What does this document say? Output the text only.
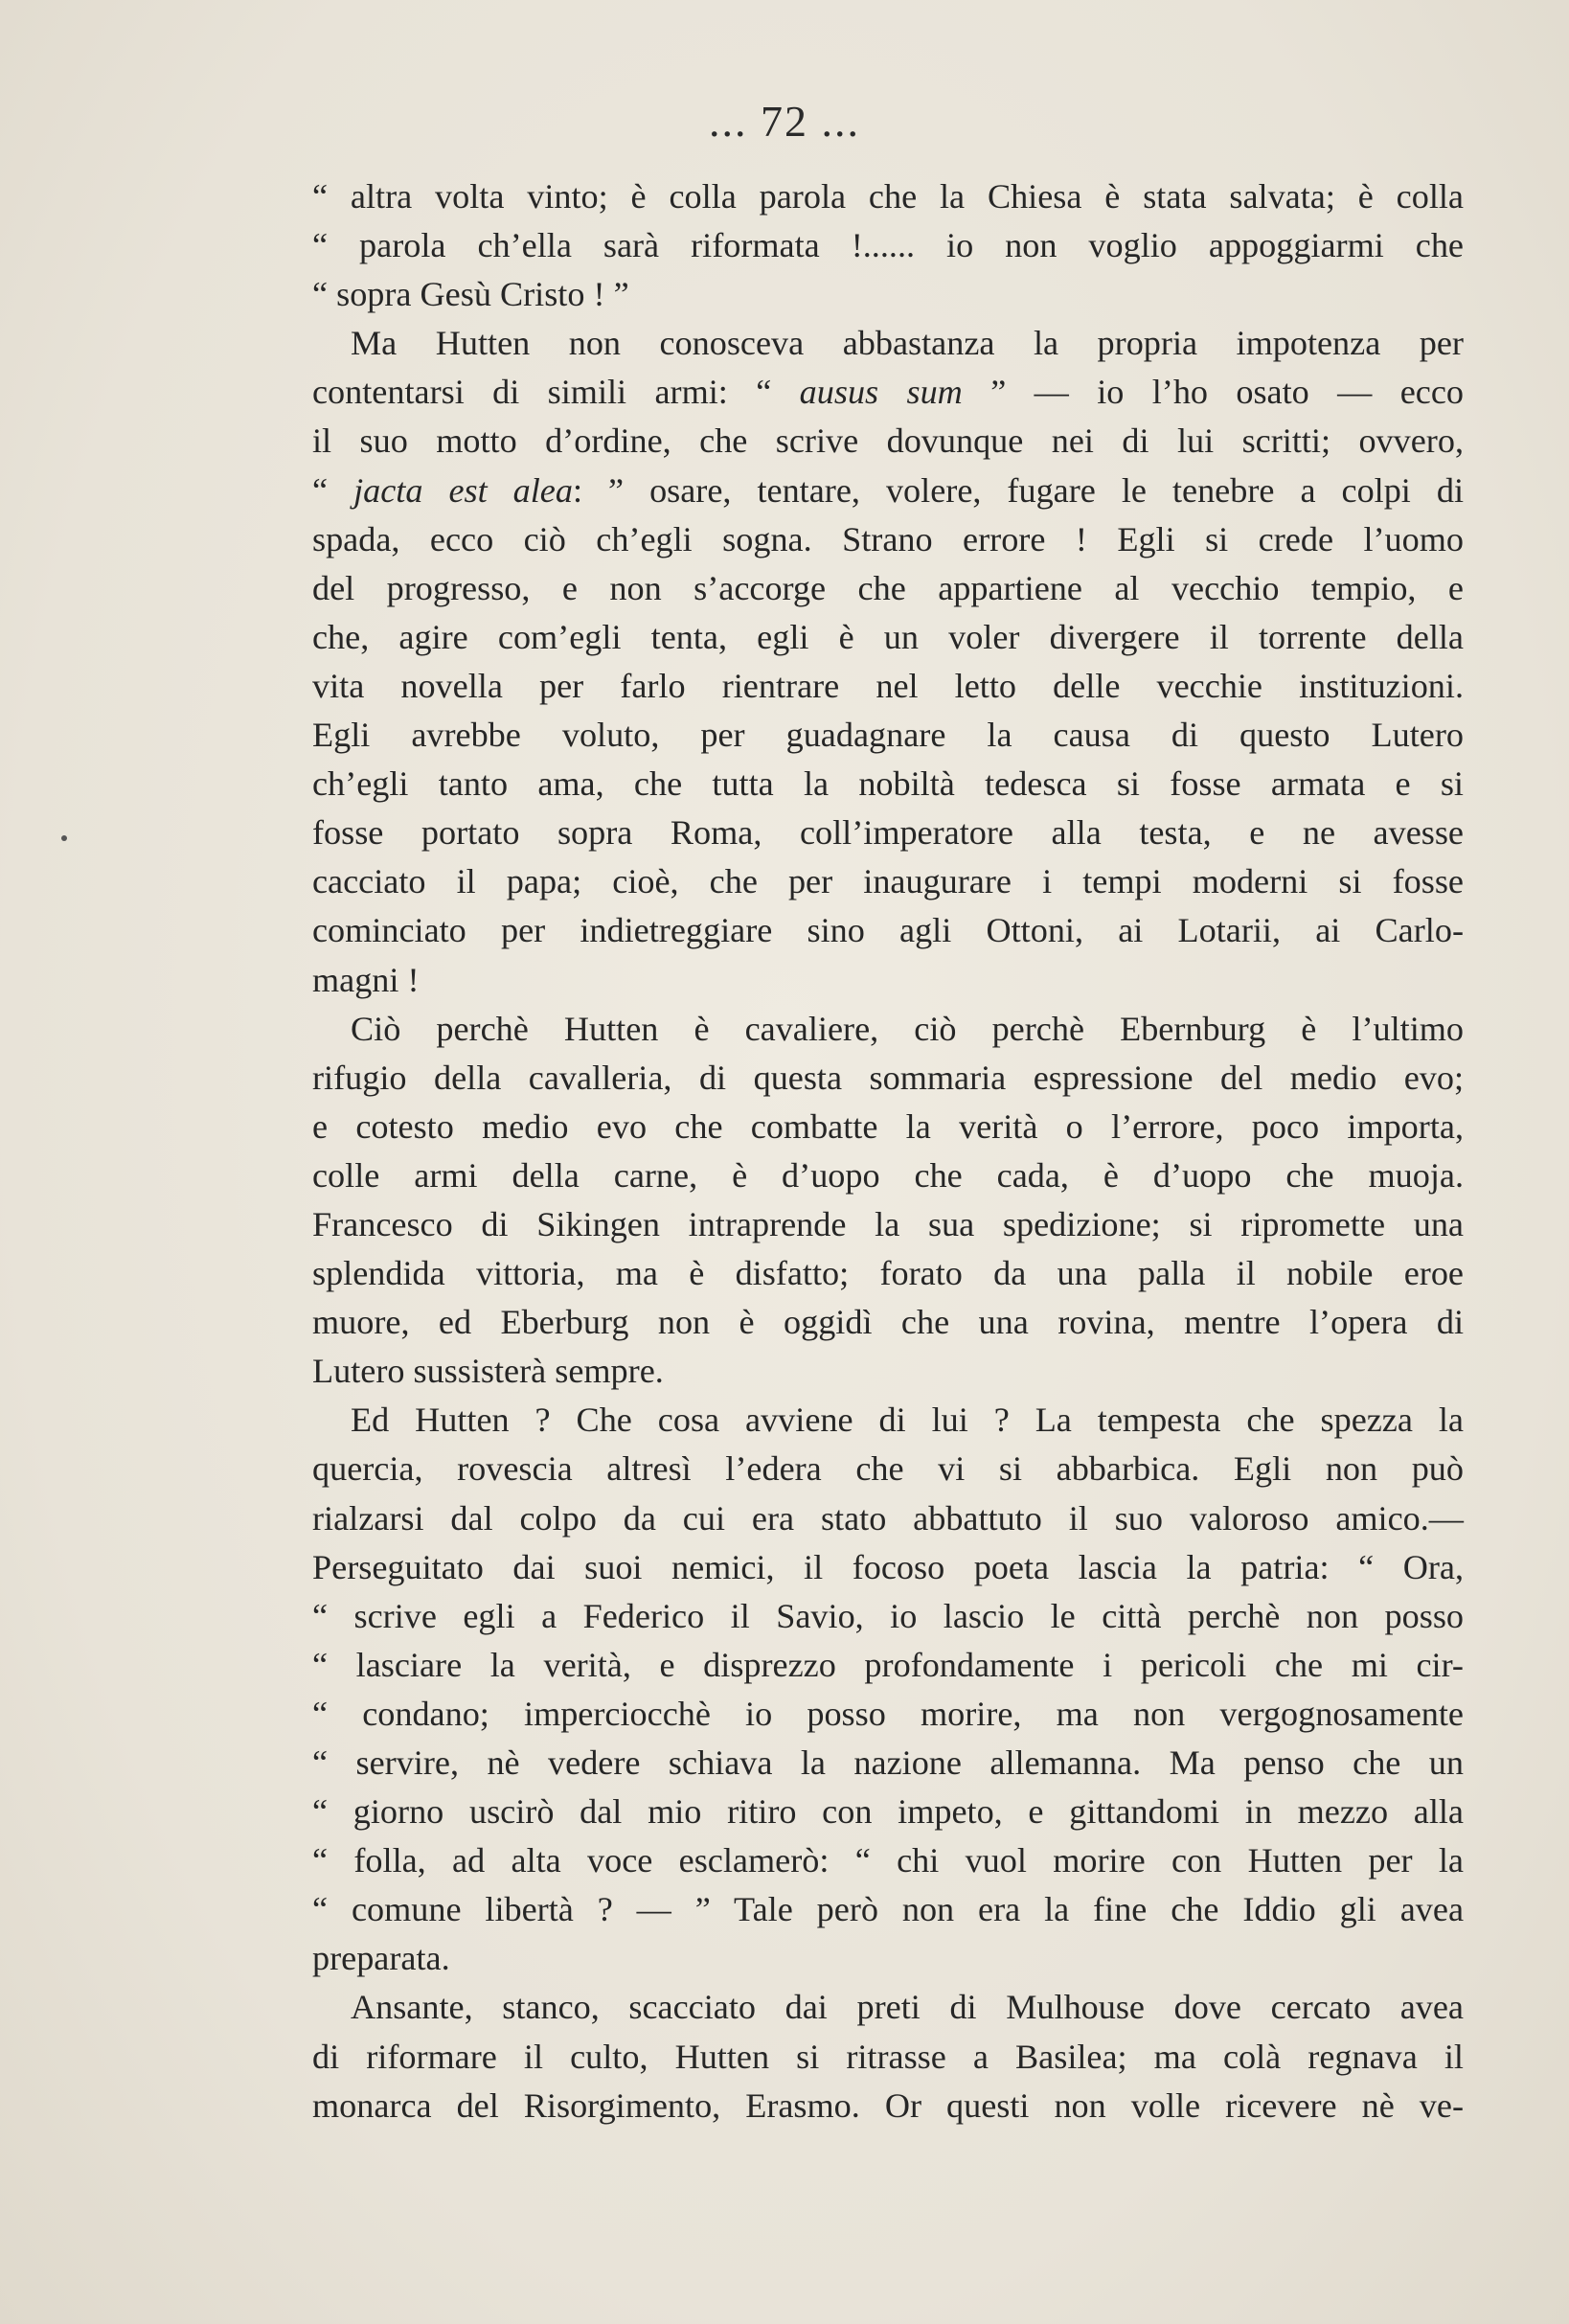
... 72 ...
“ altra volta vinto; è colla parola che la Chiesa è stata salvata; è colla
“ parola ch’ella sarà riformata !...... io non voglio appoggiarmi che
“ sopra Gesù Cristo ! ”
Ma Hutten non conosceva abbastanza la propria impotenza per
contentarsi di simili armi: “ ausus sum ” — io l’ho osato — ecco
il suo motto d’ordine, che scrive dovunque nei di lui scritti; ovvero,
“ jacta est alea: ” osare, tentare, volere, fugare le tenebre a colpi di
spada, ecco ciò ch’egli sogna. Strano errore ! Egli si crede l’uomo
del progresso, e non s’accorge che appartiene al vecchio tempio, e
che, agire com’egli tenta, egli è un voler divergere il torrente della
vita novella per farlo rientrare nel letto delle vecchie instituzioni.
Egli avrebbe voluto, per guadagnare la causa di questo Lutero
ch’egli tanto ama, che tutta la nobiltà tedesca si fosse armata e si
fosse portato sopra Roma, coll’imperatore alla testa, e ne avesse
cacciato il papa; cioè, che per inaugurare i tempi moderni si fosse
cominciato per indietreggiare sino agli Ottoni, ai Lotarii, ai Carlo-
magni !
Ciò perchè Hutten è cavaliere, ciò perchè Ebernburg è l’ultimo
rifugio della cavalleria, di questa sommaria espressione del medio evo;
e cotesto medio evo che combatte la verità o l’errore, poco importa,
colle armi della carne, è d’uopo che cada, è d’uopo che muoja.
Francesco di Sikingen intraprende la sua spedizione; si ripromette una
splendida vittoria, ma è disfatto; forato da una palla il nobile eroe
muore, ed Eberburg non è oggidì che una rovina, mentre l’opera di
Lutero sussisterà sempre.
Ed Hutten ? Che cosa avviene di lui ? La tempesta che spezza la
quercia, rovescia altresì l’edera che vi si abbarbica. Egli non può
rialzarsi dal colpo da cui era stato abbattuto il suo valoroso amico.—
Perseguitato dai suoi nemici, il focoso poeta lascia la patria: “ Ora,
“ scrive egli a Federico il Savio, io lascio le città perchè non posso
“ lasciare la verità, e disprezzo profondamente i pericoli che mi cir-
“ condano; imperciocchè io posso morire, ma non vergognosamente
“ servire, nè vedere schiava la nazione allemanna. Ma penso che un
“ giorno uscirò dal mio ritiro con impeto, e gittandomi in mezzo alla
“ folla, ad alta voce esclamerò: “ chi vuol morire con Hutten per la
“ comune libertà ? — ” Tale però non era la fine che Iddio gli avea
preparata.
Ansante, stanco, scacciato dai preti di Mulhouse dove cercato avea
di riformare il culto, Hutten si ritrasse a Basilea; ma colà regnava il
monarca del Risorgimento, Erasmo. Or questi non volle ricevere nè ve-
